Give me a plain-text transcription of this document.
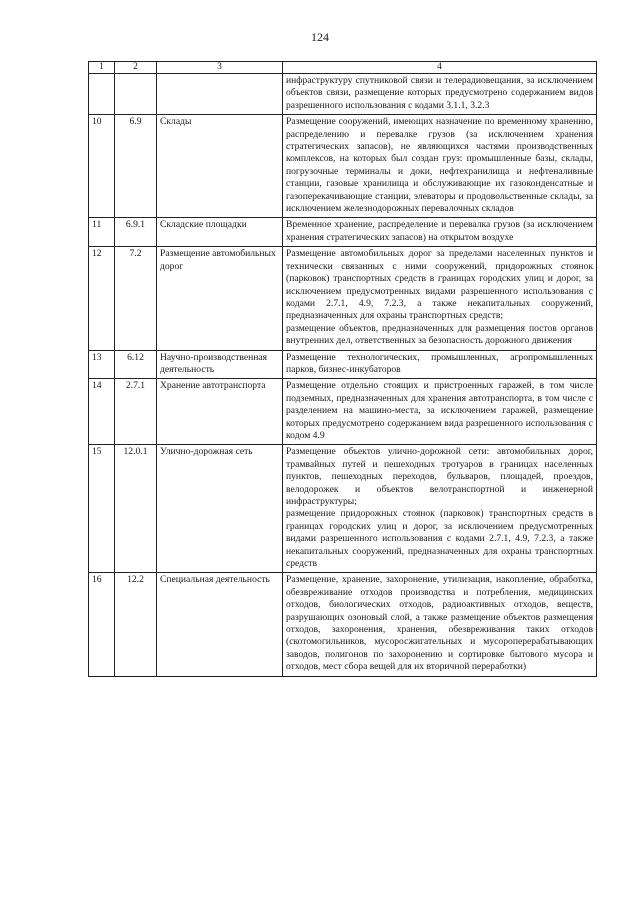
124
1	2	3	4

			инфраструктуру спутниковой связи и телерадиовещания, за исключением объектов связи, размещение которых предусмотрено содержанием видов разрешенного использования с кодами 3.1.1, 3.2.3

10	6.9	Склады	Размещение сооружений, имеющих назначение по временному хранению, распределению и перевалке грузов (за исключением хранения стратегических запасов), не являющихся частями производственных комплексов, на которых был создан груз: промышленные базы, склады, погрузочные терминалы и доки, нефтехранилища и нефтеналивные станции, газовые хранилища и обслуживающие их газоконденсатные и газоперекачивающие станции, элеваторы и продовольственные склады, за исключением железнодорожных перевалочных складов

11	6.9.1	Складские площадки	Временное хранение, распределение и перевалка грузов (за исключением хранения стратегических запасов) на открытом воздухе

12	7.2	Размещение автомобильных дорог	Размещение автомобильных дорог за пределами населенных пунктов и технически связанных с ними сооружений, придорожных стоянок (парковок) транспортных средств в границах городских улиц и дорог, за исключением предусмотренных видами разрешенного использования с кодами 2.7.1, 4.9, 7.2.3, а также некапитальных сооружений, предназначенных для охраны транспортных средств;
размещение объектов, предназначенных для размещения постов органов внутренних дел, ответственных за безопасность дорожного движения

13	6.12	Научно-производственная деятельность	Размещение технологических, промышленных, агропромышленных парков, бизнес-инкубаторов

14	2.7.1	Хранение автотранспорта	Размещение отдельно стоящих и пристроенных гаражей, в том числе подземных, предназначенных для хранения автотранспорта, в том числе с разделением на машино-места, за исключением гаражей, размещение которых предусмотрено содержанием вида разрешенного использования с кодом 4.9

15	12.0.1	Улично-дорожная сеть	Размещение объектов улично-дорожной сети: автомобильных дорог, трамвайных путей и пешеходных тротуаров в границах населенных пунктов, пешеходных переходов, бульваров, площадей, проездов, велодорожек и объектов велотранспортной и инженерной инфраструктуры;
размещение придорожных стоянок (парковок) транспортных средств в границах городских улиц и дорог, за исключением предусмотренных видами разрешенного использования с кодами 2.7.1, 4.9, 7.2.3, а также некапитальных сооружений, предназначенных для охраны транспортных средств

16	12.2	Специальная деятельность	Размещение, хранение, захоронение, утилизация, накопление, обработка, обезвреживание отходов производства и потребления, медицинских отходов, биологических отходов, радиоактивных отходов, веществ, разрушающих озоновый слой, а также размещение объектов размещения отходов, захоронения, хранения, обезвреживания таких отходов (скотомогильников, мусоросжигательных и мусороперерабатывающих заводов, полигонов по захоронению и сортировке бытового мусора и отходов, мест сбора вещей для их вторичной переработки)
